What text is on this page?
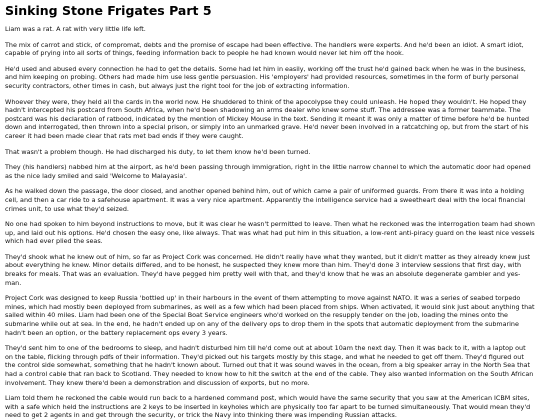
Sinking Stone Frigates Part 5

Liam was a rat. A rat with very little life left.

The mix of carrot and stick, of compromat, debts and the promise of escape had been effective. The handlers were experts. And he'd been an idiot. A smart idiot, capable of prying into all sorts of things, feeding information back to people he had known would never let him off the hook.

He'd used and abused every connection he had to get the details. Some had let him in easily, working off the trust he'd gained back when he was in the business, and him keeping on probing. Others had made him use less gentle persuasion. His 'employers' had provided resources, sometimes in the form of burly personal security contractors, other times in cash, but always just the right tool for the job of extracting information.

Whoever they were, they held all the cards in the world now. He shuddered to think of the apocolypse they could unleash. He hoped they wouldn't. He hoped they hadn't intercepted his postcard from South Africa, when he'd been shadowing an arms dealer who knew some stuff. The addressee was a former teammate. The postcard was his declaration of ratbood, indicated by the mention of Mickey Mouse in the text. Sending it meant it was only a matter of time before he'd be hunted down and interrogated, then thrown into a special prison, or simply into an unmarked grave. He'd never been involved in a ratcatching op, but from the start of his career it had been made clear that rats met bad ends if they were caught.

That wasn't a problem though. He had discharged his duty, to let them know he'd been turned.

They (his handlers) nabbed him at the airport, as he'd been passing through immigration, right in the little narrow channel to which the automatic door had opened as the nice lady smiled and said 'Welcome to Malayasia'.

As he walked down the passage, the door closed, and another opened behind him, out of which came a pair of uniformed guards. From there it was into a holding cell, and then a car ride to a safehouse apartment. It was a very nice apartment. Apparently the intelligence service had a sweetheart deal with the local financial crimes unit, to use what they'd seized.

No one had spoken to him beyond instructions to move, but it was clear he wasn't permitted to leave. Then what he reckoned was the interrogation team had shown up, and laid out his options. He'd chosen the easy one, like always. That was what had put him in this situation, a low-rent anti-piracy guard on the least nice vessels which had ever plied the seas.

They'd shook what he knew out of him, so far as Project Cork was concerned. He didn't really have what they wanted, but it didn't matter as they already knew just about everything he knew. Minor details differed, and to be honest, he suspected they knew more than him. They'd done 3 interview sessions that first day, with breaks for meals. That was an evaluation. They'd have pegged him pretty well with that, and they'd know that he was an absolute degenerate gambler and yes-man.

Project Cork was designed to keep Russia 'bottled up' in their harbours in the event of them attempting to move against NATO. It was a series of seabed torpedo mines, which had mostly been deployed from submarines, as well as a few which had been placed from ships. When activated, it would sink just about anything that sailed within 40 miles. Liam had been one of the Special Boat Service engineers who'd worked on the resupply tender on the job, loading the mines onto the submarine while out at sea. In the end, he hadn't ended up on any of the delivery ops to drop them in the spots that automatic deployment from the submarine hadn't been an option, or the battery replacement ops every 3 years.

They'd sent him to one of the bedrooms to sleep, and hadn't disturbed him till he'd come out at about 10am the next day. Then it was back to it, with a laptop out on the table, flicking through pdfs of their information. They'd picked out his targets mostly by this stage, and what he needed to get off them. They'd figured out the control side somewhat, something that he hadn't known about. Turned out that it was sound waves in the ocean, from a big speaker array in the North Sea that had a control cable that ran back to Scotland. They needed to know how to hit the switch at the end of the cable. They also wanted information on the South African involvement. They knew there'd been a demonstration and discussion of exports, but no more.

Liam told them he reckoned the cable would run back to a hardened command post, which would have the same security that you saw at the American ICBM sites, with a safe which held the instructions are 2 keys to be inserted in keyholes which are physically too far apart to be turned simultaneously. That would mean they'd need to get 2 agents in and get through the security, or trick the Navy into thinking there was impending Russian attacks.
